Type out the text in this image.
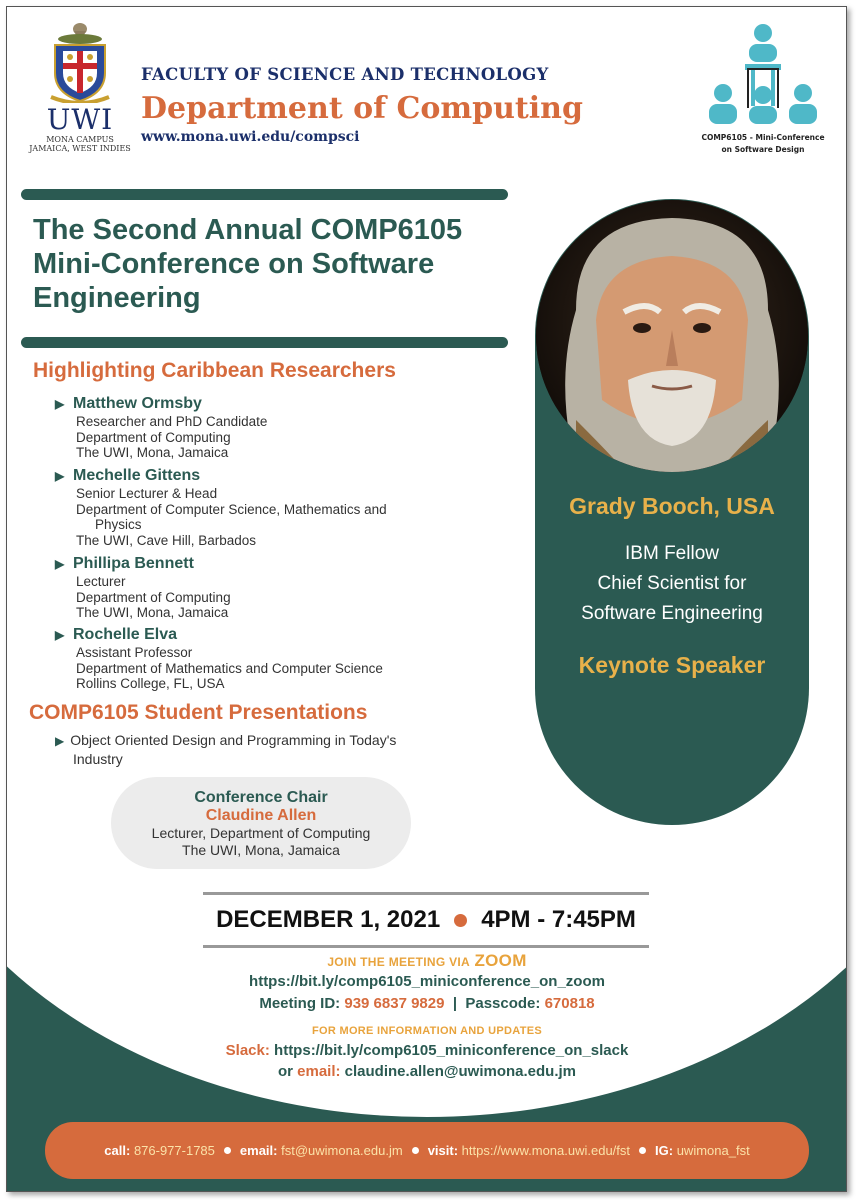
UWI
MONA CAMPUS
JAMAICA, WEST INDIES
FACULTY OF SCIENCE AND TECHNOLOGY
Department of Computing
www.mona.uwi.edu/compsci	COMP6105 - Mini-Conference
on Software Design
The Second Annual COMP6105
Mini-Conference on Software
Engineering
Highlighting Caribbean Researchers
▶ Matthew Ormsby
Researcher and PhD Candidate
Department of Computing
The UWI, Mona, Jamaica
▶ Mechelle Gittens
Senior Lecturer & Head
Department of Computer Science, Mathematics and
Physics
The UWI, Cave Hill, Barbados
▶ Phillipa Bennett
Lecturer
Department of Computing
The UWI, Mona, Jamaica
▶ Rochelle Elva
Assistant Professor
Department of Mathematics and Computer Science
Rollins College, FL, USA
COMP6105 Student Presentations
▶ Object Oriented Design and Programming in Today's
Industry
Conference Chair
Claudine Allen
Lecturer, Department of Computing
The UWI, Mona, Jamaica
Grady Booch, USA
IBM Fellow
Chief Scientist for
Software Engineering
Keynote Speaker
DECEMBER 1, 2021 4PM - 7:45PM
JOIN THE MEETING VIA ZOOM
https://bit.ly/comp6105_miniconference_on_zoom
Meeting ID: 939 6837 9829 | Passcode: 670818
FOR MORE INFORMATION AND UPDATES
Slack: https://bit.ly/comp6105_miniconference_on_slack
or email: claudine.allen@uwimona.edu.jm
call:
876-977-1785 email:
fst@uwimona.edu.jm visit:
https://www.mona.uwi.edu/fst IG:
uwimona_fst
